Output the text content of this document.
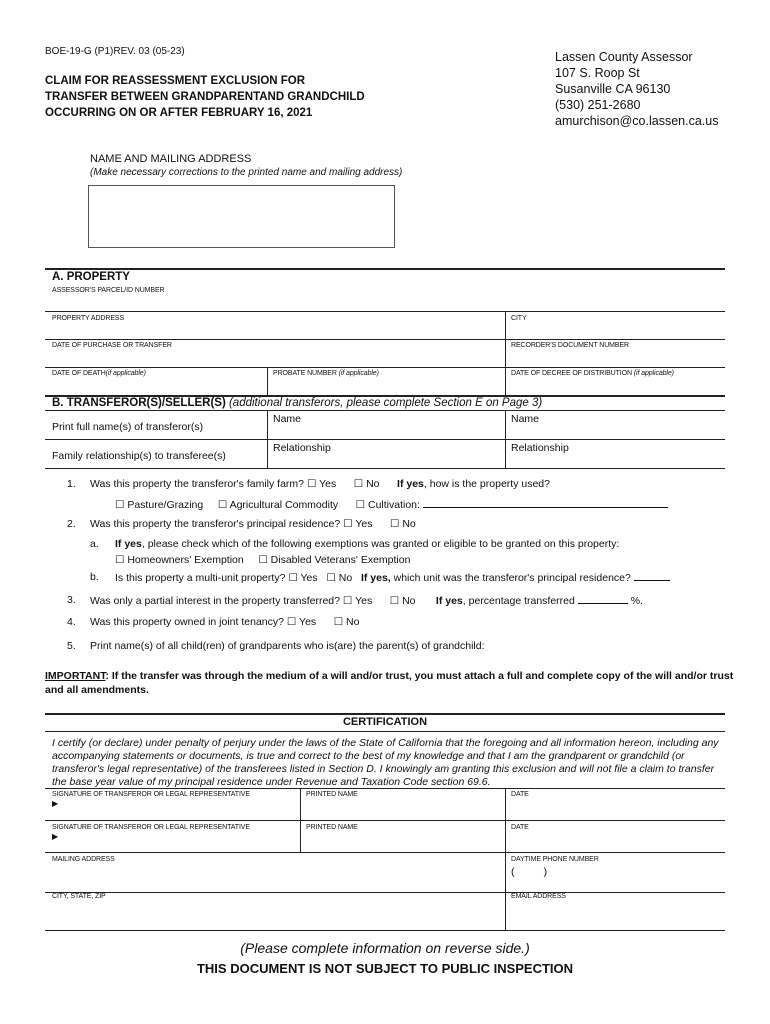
BOE-19-G (P1)REV. 03 (05-23)
CLAIM FOR REASSESSMENT EXCLUSION FOR
TRANSFER BETWEEN GRANDPARENTAND GRANDCHILD
OCCURRING ON OR AFTER FEBRUARY 16, 2021
Lassen County Assessor
107 S. Roop St
Susanville CA 96130
(530) 251-2680
amurchison@co.lassen.ca.us
NAME AND MAILING ADDRESS
(Make necessary corrections to the printed name and mailing address)
A. PROPERTY
ASSESSOR'S PARCEL/ID NUMBER
PROPERTY ADDRESS	CITY
DATE OF PURCHASE OR TRANSFER	RECORDER'S DOCUMENT NUMBER
DATE OF DEATH(if applicable)	PROBATE NUMBER (if applicable)	DATE OF DECREE OF DISTRIBUTION (if applicable)
B. TRANSFEROR(S)/SELLER(S) (additional transferors, please complete Section E on Page 3)
Print full name(s) of transferor(s)
Name	Name
Family relationship(s) to transferee(s)
Relationship	Relationship
1. Was this property the transferor's family farm? ☐ Yes ☐ No If yes, how is the property used?
☐ Pasture/Grazing ☐ Agricultural Commodity ☐ Cultivation:
2. Was this property the transferor's principal residence? ☐ Yes ☐ No
a. If yes, please check which of the following exemptions was granted or eligible to be granted on this property:
☐ Homeowners' Exemption ☐ Disabled Veterans' Exemption
b. Is this property a multi-unit property? ☐ Yes ☐ No If yes, which unit was the transferor's principal residence?
3. Was only a partial interest in the property transferred? ☐ Yes ☐ No If yes, percentage transferred	%.
4. Was this property owned in joint tenancy? ☐ Yes ☐ No
5. Print name(s) of all child(ren) of grandparents who is(are) the parent(s) of grandchild:
IMPORTANT: If the transfer was through the medium of a will and/or trust, you must attach a full and complete copy of the will and/or trust and all amendments.
CERTIFICATION
I certify (or declare) under penalty of perjury under the laws of the State of California that the foregoing and all information hereon, including any accompanying statements or documents, is true and correct to the best of my knowledge and that I am the grandparent or grandchild (or transferor's legal representative) of the transferees listed in Section D. I knowingly am granting this exclusion and will not file a claim to transfer the base year value of my principal residence under Revenue and Taxation Code section 69.6.
SIGNATURE OF TRANSFEROR OR LEGAL REPRESENTATIVE
▶
PRINTED NAME	DATE
SIGNATURE OF TRANSFEROR OR LEGAL REPRESENTATIVE
▶
PRINTED NAME	DATE
MAILING ADDRESS	DAYTIME PHONE NUMBER
(          )
CITY, STATE, ZIP	EMAIL ADDRESS
(Please complete information on reverse side.)
THIS DOCUMENT IS NOT SUBJECT TO PUBLIC INSPECTION
